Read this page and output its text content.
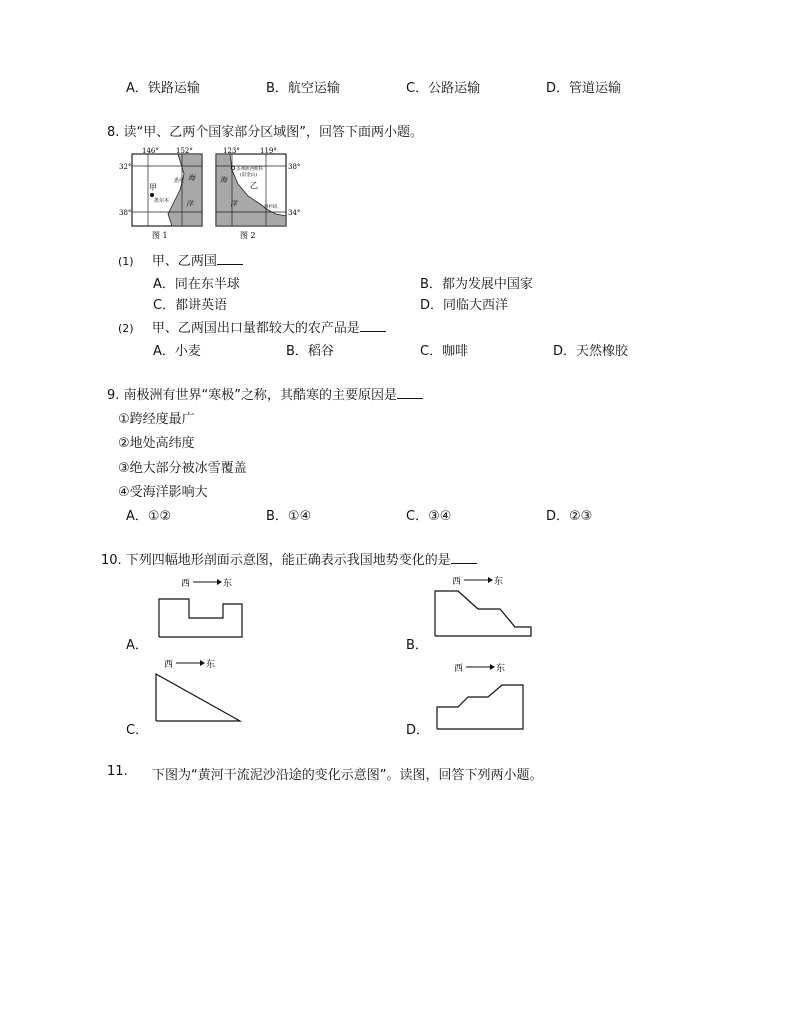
A．铁路运输	B．航空运输	C．公路运输	D．管道运输
8. 读“甲、乙两个国家部分区域图”，回答下面两小题。
146° 152°
32°
38°
甲
悉尼
墨尔本
海
洋
图 1
123°	119°
38°
34°
乙
圣弗朗西斯科
(旧金山)
洛杉矶
海
洋
图 2
(1) 甲、乙两国
A．同在东半球	B．都为发展中国家
C．都讲英语	D．同临大西洋
(2) 甲、乙两国出口量都较大的农产品是
A．小麦	B．稻谷	C．咖啡	D．天然橡胶
9. 南极洲有世界“寒极”之称，其酷寒的主要原因是
①跨经度最广
②地处高纬度
③绝大部分被冰雪覆盖
④受海洋影响大
A．①②	B．①④	C．③④	D．②③
10. 下列四幅地形剖面示意图，能正确表示我国地势变化的是
西	东
A．
西	东
B．
西	东
C．
西	东
D．
11. 下图为“黄河干流泥沙沿途的变化示意图”。读图，回答下列两小题。
